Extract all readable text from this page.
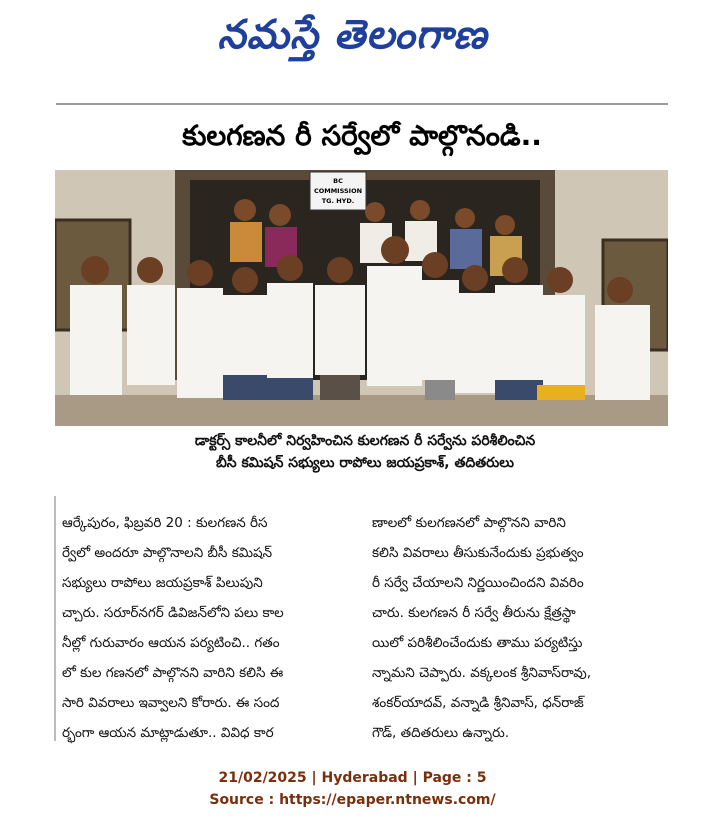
నమస్తే తెలంగాణ
కులగణన రీ సర్వేలో పాల్గొనండి..
BC
COMMISSION
TG. HYD.
డాక్టర్స్ కాలనీలో నిర్వహించిన కులగణన రీ సర్వేను పరిశీలించిన
బీసీ కమిషన్ సభ్యులు రాపోలు జయప్రకాశ్, తదితరులు
ఆర్కేపురం, ఫిబ్రవరి 20 : కులగణన రీస
ర్వేలో అందరూ పాల్గొనాలని బీసీ కమిషన్
సభ్యులు రాపోలు జయప్రకాశ్ పిలుపుని
చ్చారు. సరూర్‌నగర్ డివిజన్‌లోని పలు కాల
నీల్లో గురువారం ఆయన పర్యటించి.. గతం
లో కుల గణనలో పాల్గొనని వారిని కలిసి ఈ
సారి వివరాలు ఇవ్వాలని కోరారు. ఈ సంద
ర్భంగా ఆయన మాట్లాడుతూ.. వివిధ కార
ణాలలో కులగణనలో పాల్గొనని వారిని
కలిసి వివరాలు తీసుకునేందుకు ప్రభుత్వం
రీ సర్వే చేయాలని నిర్ణయించిందని వివరిం
చారు. కులగణన రీ సర్వే తీరును క్షేత్రస్థా
యిలో పరిశీలించేందుకు తాము పర్యటిస్తు
న్నామని చెప్పారు. వక్కలంక శ్రీనివాస్‌రావు,
శంకర్‌యాదవ్, వన్నాడి శ్రీనివాస్, ధన్‌రాజ్
గౌడ్, తదితరులు ఉన్నారు.
21/02/2025 | Hyderabad | Page : 5
Source : https://epaper.ntnews.com/
